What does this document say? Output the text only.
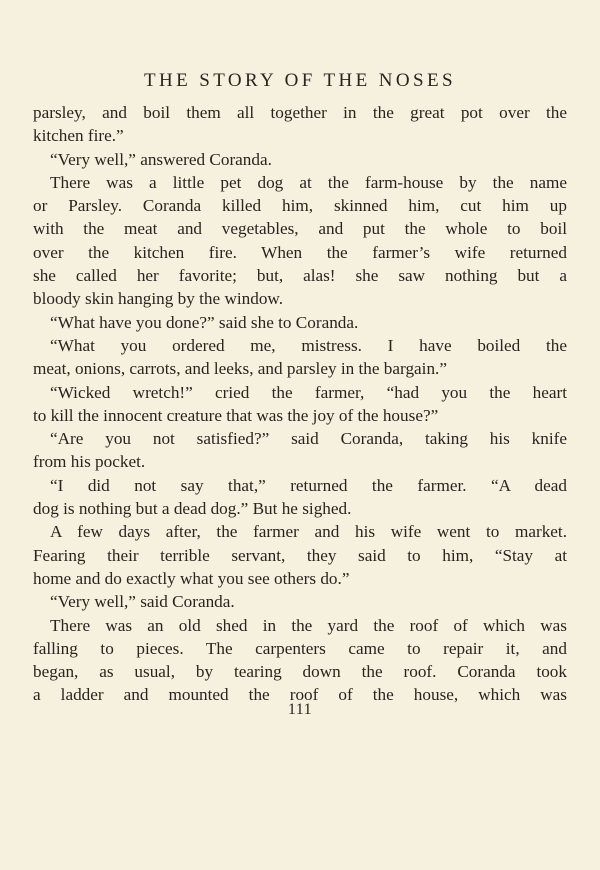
THE STORY OF THE NOSES
parsley, and boil them all together in the great pot over the
kitchen fire.”
“Very well,” answered Coranda.
There was a little pet dog at the farm-house by the name
or Parsley. Coranda killed him, skinned him, cut him up
with the meat and vegetables, and put the whole to boil
over the kitchen fire. When the farmer’s wife returned
she called her favorite; but, alas! she saw nothing but a
bloody skin hanging by the window.
“What have you done?” said she to Coranda.
“What you ordered me, mistress. I have boiled the
meat, onions, carrots, and leeks, and parsley in the bargain.”
“Wicked wretch!” cried the farmer, “had you the heart
to kill the innocent creature that was the joy of the house?”
“Are you not satisfied?” said Coranda, taking his knife
from his pocket.
“I did not say that,” returned the farmer. “A dead
dog is nothing but a dead dog.” But he sighed.
A few days after, the farmer and his wife went to market.
Fearing their terrible servant, they said to him, “Stay at
home and do exactly what you see others do.”
“Very well,” said Coranda.
There was an old shed in the yard the roof of which was
falling to pieces. The carpenters came to repair it, and
began, as usual, by tearing down the roof. Coranda took
a ladder and mounted the roof of the house, which was
111
